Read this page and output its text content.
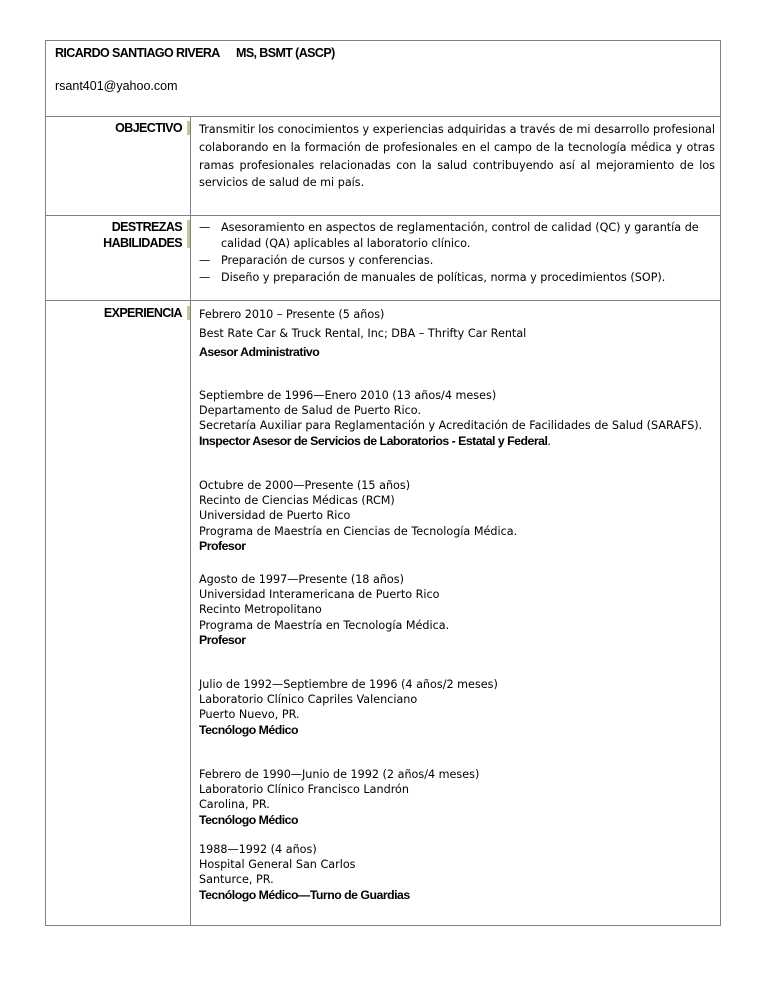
RICARDO SANTIAGO RIVERA MS, BSMT (ASCP)
rsant401@yahoo.com
OBJECTIVO Transmitir los conocimientos y experiencias adquiridas a través de mi desarrollo profesional colaborando en la formación de profesionales en el campo de la tecnología médica y otras ramas profesionales relacionadas con la salud contribuyendo así al mejoramiento de los servicios de salud de mi país.
DESTREZAS
HABILIDADES
— Asesoramiento en aspectos de reglamentación, control de calidad (QC) y garantía de calidad (QA) aplicables al laboratorio clínico.
— Preparación de cursos y conferencias.
— Diseño y preparación de manuales de políticas, norma y procedimientos (SOP).
EXPERIENCIA Febrero 2010 – Presente (5 años)
Best Rate Car & Truck Rental, Inc; DBA – Thrifty Car Rental
Asesor Administrativo
Septiembre de 1996—Enero 2010 (13 años/4 meses)
Departamento de Salud de Puerto Rico.
Secretaría Auxiliar para Reglamentación y Acreditación de Facilidades de Salud (SARAFS).
Inspector Asesor de Servicios de Laboratorios - Estatal y Federal.
Octubre de 2000—Presente (15 años)
Recinto de Ciencias Médicas (RCM)
Universidad de Puerto Rico
Programa de Maestría en Ciencias de Tecnología Médica.
Profesor
Agosto de 1997—Presente (18 años)
Universidad Interamericana de Puerto Rico
Recinto Metropolitano
Programa de Maestría en Tecnología Médica.
Profesor
Julio de 1992—Septiembre de 1996 (4 años/2 meses)
Laboratorio Clínico Capriles Valenciano
Puerto Nuevo, PR.
Tecnólogo Médico
Febrero de 1990—Junio de 1992 (2 años/4 meses)
Laboratorio Clínico Francisco Landrón
Carolina, PR.
Tecnólogo Médico
1988—1992 (4 años)
Hospital General San Carlos
Santurce, PR.
Tecnólogo Médico—Turno de Guardias
